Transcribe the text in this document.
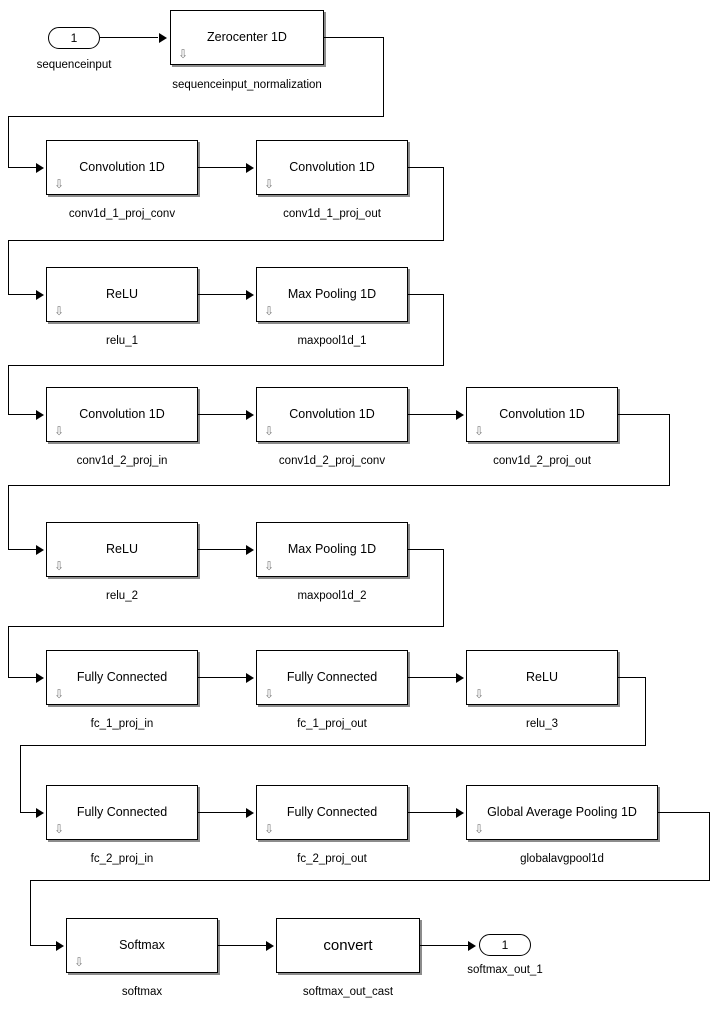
1
sequenceinput
Zerocenter 1D
⇩
sequenceinput_normalization
Convolution 1D
⇩
conv1d_1_proj_conv
Convolution 1D
⇩
conv1d_1_proj_out
ReLU
⇩
relu_1
Max Pooling 1D
⇩
maxpool1d_1
Convolution 1D
⇩
conv1d_2_proj_in
Convolution 1D
⇩
conv1d_2_proj_conv
Convolution 1D
⇩
conv1d_2_proj_out
ReLU
⇩
relu_2
Max Pooling 1D
⇩
maxpool1d_2
Fully Connected
⇩
fc_1_proj_in
Fully Connected
⇩
fc_1_proj_out
ReLU
⇩
relu_3
Fully Connected
⇩
fc_2_proj_in
Fully Connected
⇩
fc_2_proj_out
Global Average Pooling 1D
⇩
globalavgpool1d
Softmax
⇩
softmax
convert
softmax_out_cast
1
softmax_out_1
